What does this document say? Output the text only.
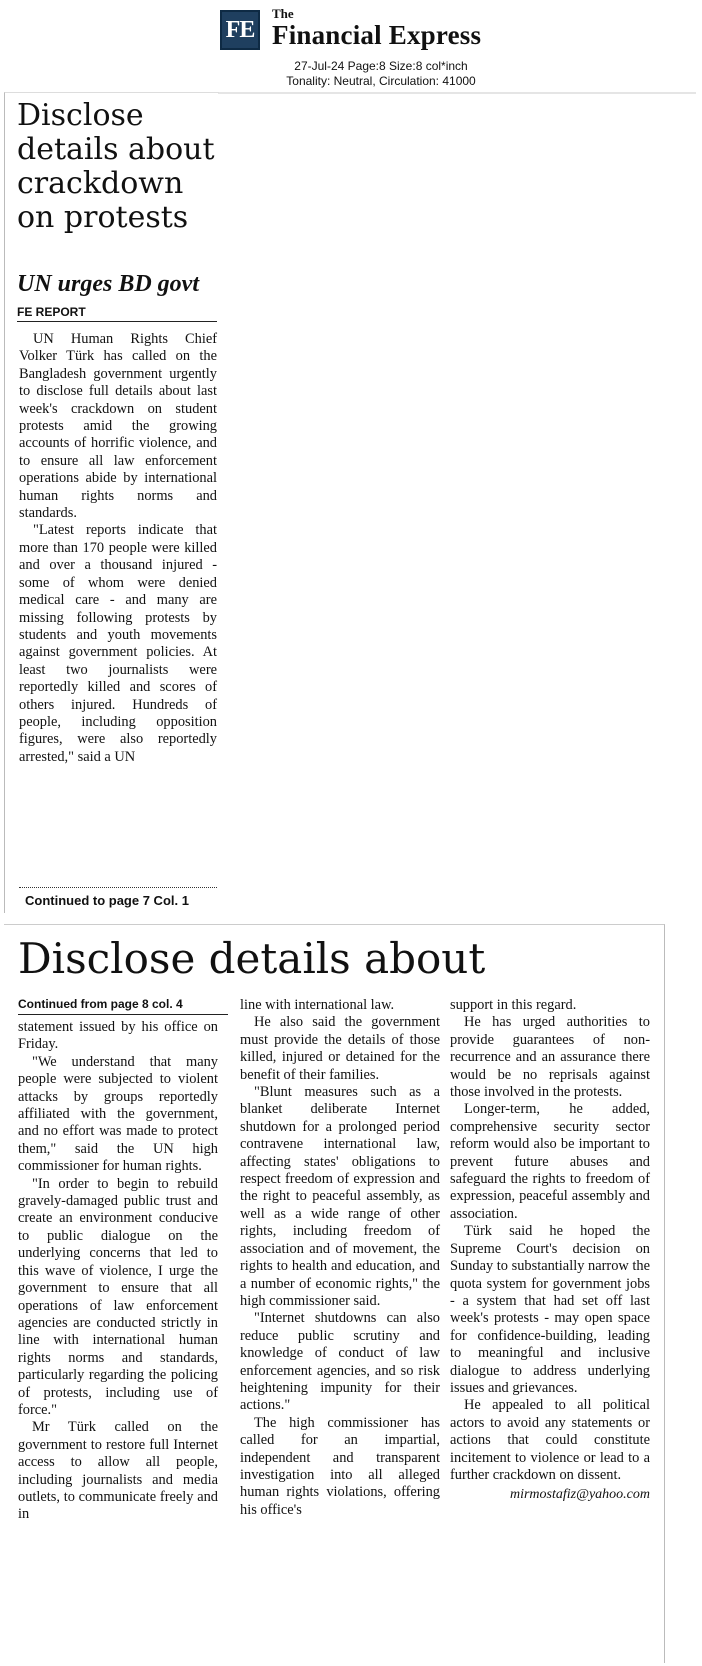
FE
The
Financial Express
27-Jul-24 Page:8 Size:8 col*inch
Tonality: Neutral, Circulation: 41000
Disclose details about crackdown on protests
UN urges BD govt
FE REPORT

UN Human Rights Chief Volker Türk has called on the Bangladesh government urgently to disclose full details about last week's crackdown on student protests amid the growing accounts of horrific violence, and to ensure all law enforcement operations abide by international human rights norms and standards.

"Latest reports indicate that more than 170 people were killed and over a thousand injured - some of whom were denied medical care - and many are missing following protests by students and youth movements against government policies. At least two journalists were reportedly killed and scores of others injured. Hundreds of people, including opposition figures, were also reportedly arrested," said a UN

Continued to page 7 Col. 1
Disclose details about
Continued from page 8 col. 4

statement issued by his office on Friday.

"We understand that many people were subjected to violent attacks by groups reportedly affiliated with the government, and no effort was made to protect them," said the UN high commissioner for human rights.

"In order to begin to rebuild gravely-damaged public trust and create an environment conducive to public dialogue on the underlying concerns that led to this wave of violence, I urge the government to ensure that all operations of law enforcement agencies are conducted strictly in line with international human rights norms and standards, particularly regarding the policing of protests, including use of force."

Mr Türk called on the government to restore full Internet access to allow all people, including journalists and media outlets, to communicate freely and in

line with international law.

He also said the government must provide the details of those killed, injured or detained for the benefit of their families.

"Blunt measures such as a blanket deliberate Internet shutdown for a prolonged period contravene international law, affecting states' obligations to respect freedom of expression and the right to peaceful assembly, as well as a wide range of other rights, including freedom of association and of movement, the rights to health and education, and a number of economic rights," the high commissioner said.

"Internet shutdowns can also reduce public scrutiny and knowledge of conduct of law enforcement agencies, and so risk heightening impunity for their actions."

The high commissioner has called for an impartial, independent and transparent investigation into all alleged human rights violations, offering his office's

support in this regard.

He has urged authorities to provide guarantees of non-recurrence and an assurance there would be no reprisals against those involved in the protests.

Longer-term, he added, comprehensive security sector reform would also be important to prevent future abuses and safeguard the rights to freedom of expression, peaceful assembly and association.

Türk said he hoped the Supreme Court's decision on Sunday to substantially narrow the quota system for government jobs - a system that had set off last week's protests - may open space for confidence-building, leading to meaningful and inclusive dialogue to address underlying issues and grievances.

He appealed to all political actors to avoid any statements or actions that could constitute incitement to violence or lead to a further crackdown on dissent.

mirmostafiz@yahoo.com
